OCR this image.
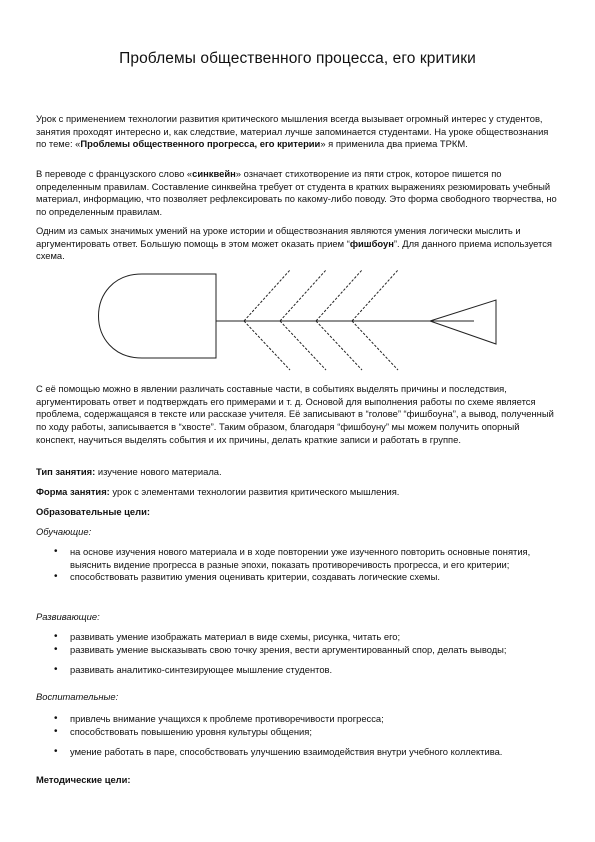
Проблемы общественного процесса, его критики

Урок с применением технологии развития критического мышления всегда вызывает огромный интерес у студентов, занятия проходят интересно и, как следствие, материал лучше запоминается студентами. На уроке обществознания по теме: «Проблемы общественного прогресса, его критерии» я применила два приема ТРКМ.

В переводе с французского слово «синквейн» означает стихотворение из пяти строк, которое пишется по определенным правилам. Составление синквейна требует от студента в кратких выражениях резюмировать учебный материал, информацию, что позволяет рефлексировать по какому-либо поводу. Это форма свободного творчества, но по определенным правилам.

Одним из самых значимых умений на уроке истории и обществознания являются умения логически мыслить и аргументировать ответ. Большую помощь в этом может оказать прием “фишбоун”. Для данного приема используется схема.

С её помощью можно в явлении различать составные части, в событиях выделять причины и последствия, аргументировать ответ и подтверждать его примерами и т. д. Основой для выполнения работы по схеме является проблема, содержащаяся в тексте или рассказе учителя. Её записывают в “голове” “фишбоуна”, а вывод, полученный по ходу работы, записывается в “хвосте”. Таким образом, благодаря “фишбоуну” мы можем получить опорный конспект, научиться выделять события и их причины, делать краткие записи и работать в группе.

Тип занятия: изучение нового материала.

Форма занятия: урок с элементами технологии развития критического мышления.

Образовательные цели:
Обучающие:
• на основе изучения нового материала и в ходе повторении уже изученного повторить основные понятия, выяснить видение прогресса в разные эпохи, показать противоречивость прогресса, и его критерии;
• способствовать развитию умения оценивать критерии, создавать логические схемы.
Развивающие:
• развивать умение изображать материал в виде схемы, рисунка, читать его;
• развивать умение высказывать свою точку зрения, вести аргументированный спор, делать выводы;
• развивать аналитико-синтезирующее мышление студентов.
Воспитательные:
• привлечь внимание учащихся к проблеме противоречивости прогресса;
• способствовать повышению уровня культуры общения;
• умение работать в паре, способствовать улучшению взаимодействия внутри учебного коллектива.
Методические цели:
